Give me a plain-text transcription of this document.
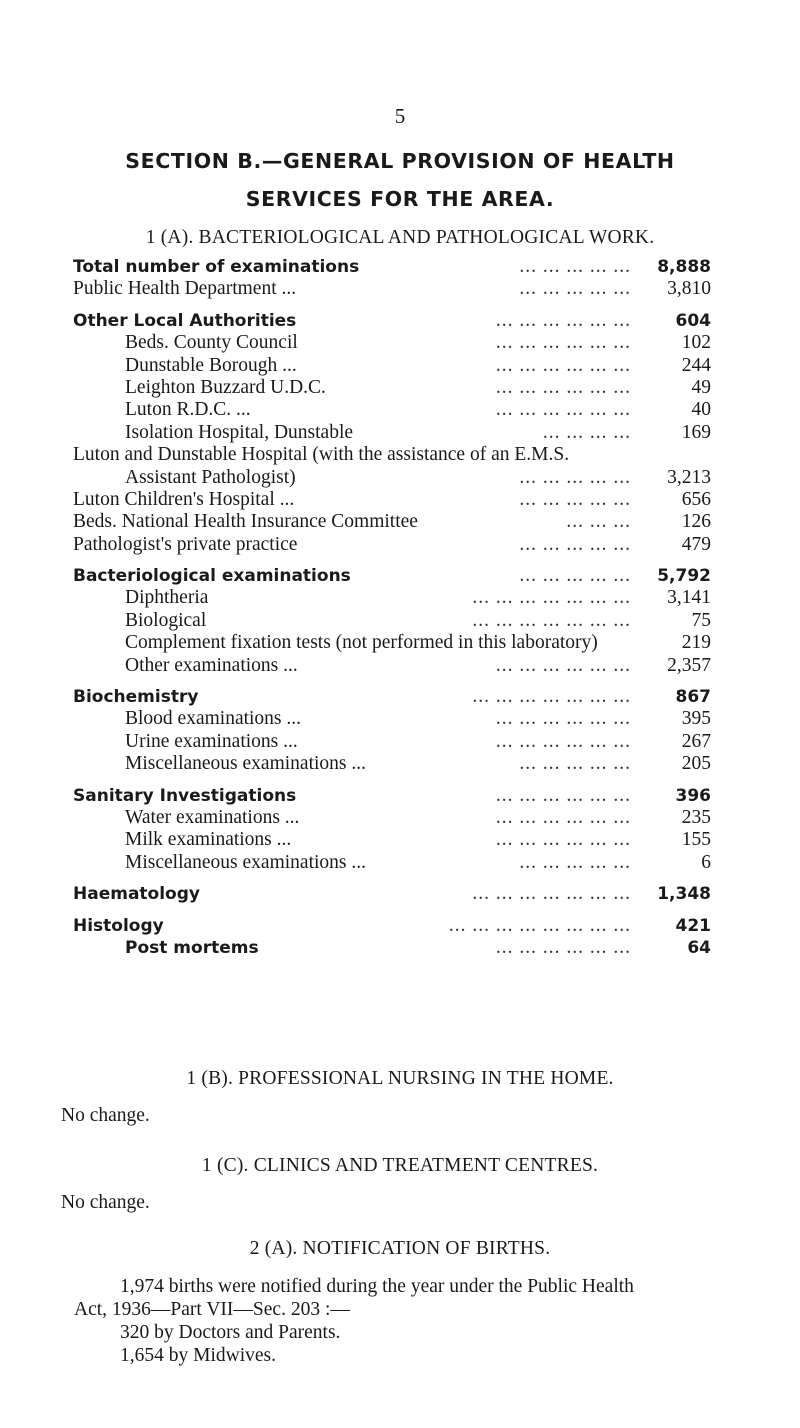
5
SECTION B.—GENERAL PROVISION OF HEALTH
SERVICES FOR THE AREA.
1 (A). BACTERIOLOGICAL AND PATHOLOGICAL WORK.
Total number of examinations	... ... ... ... ... 8,888
Public Health Department ...	... ... ... ... ... 3,810
Other Local Authorities	... ... ... ... ... ...	604
Beds. County Council	... ... ... ... ... ...	102
Dunstable Borough ...	... ... ... ... ... ...	244
Leighton Buzzard U.D.C.	... ... ... ... ... ...	49
Luton R.D.C. ...	... ... ... ... ... ...	40
Isolation Hospital, Dunstable	... ... ... ...	169
Luton and Dunstable Hospital (with the assistance of an E.M.S.
Assistant Pathologist)	... ... ... ... ... 3,213
Luton Children's Hospital ...	... ... ... ... ...	656
Beds. National Health Insurance Committee	... ... ...	126
Pathologist's private practice	... ... ... ... ...	479
Bacteriological examinations	... ... ... ... ... 5,792
Diphtheria	... ... ... ... ... ... ... 3,141
Biological	... ... ... ... ... ... ...	75
Complement fixation tests (not performed in this laboratory)	219
Other examinations ...	... ... ... ... ... ... 2,357
Biochemistry	... ... ... ... ... ... ...	867
Blood examinations ...	... ... ... ... ... ...	395
Urine examinations ...	... ... ... ... ... ...	267
Miscellaneous examinations ...	... ... ... ... ...	205
Sanitary Investigations	... ... ... ... ... ...	396
Water examinations ...	... ... ... ... ... ...	235
Milk examinations ...	... ... ... ... ... ...	155
Miscellaneous examinations ...	... ... ... ... ...	6
Haematology	... ... ... ... ... ... ... 1,348
Histology	... ... ... ... ... ... ... ...	421
Post mortems	... ... ... ... ... ...	64
1 (B). PROFESSIONAL NURSING IN THE HOME.
No change.
1 (C). CLINICS AND TREATMENT CENTRES.
No change.
2 (A). NOTIFICATION OF BIRTHS.
1,974 births were notified during the year under the Public Health
Act, 1936—Part VII—Sec. 203 :—
320 by Doctors and Parents.
1,654 by Midwives.
